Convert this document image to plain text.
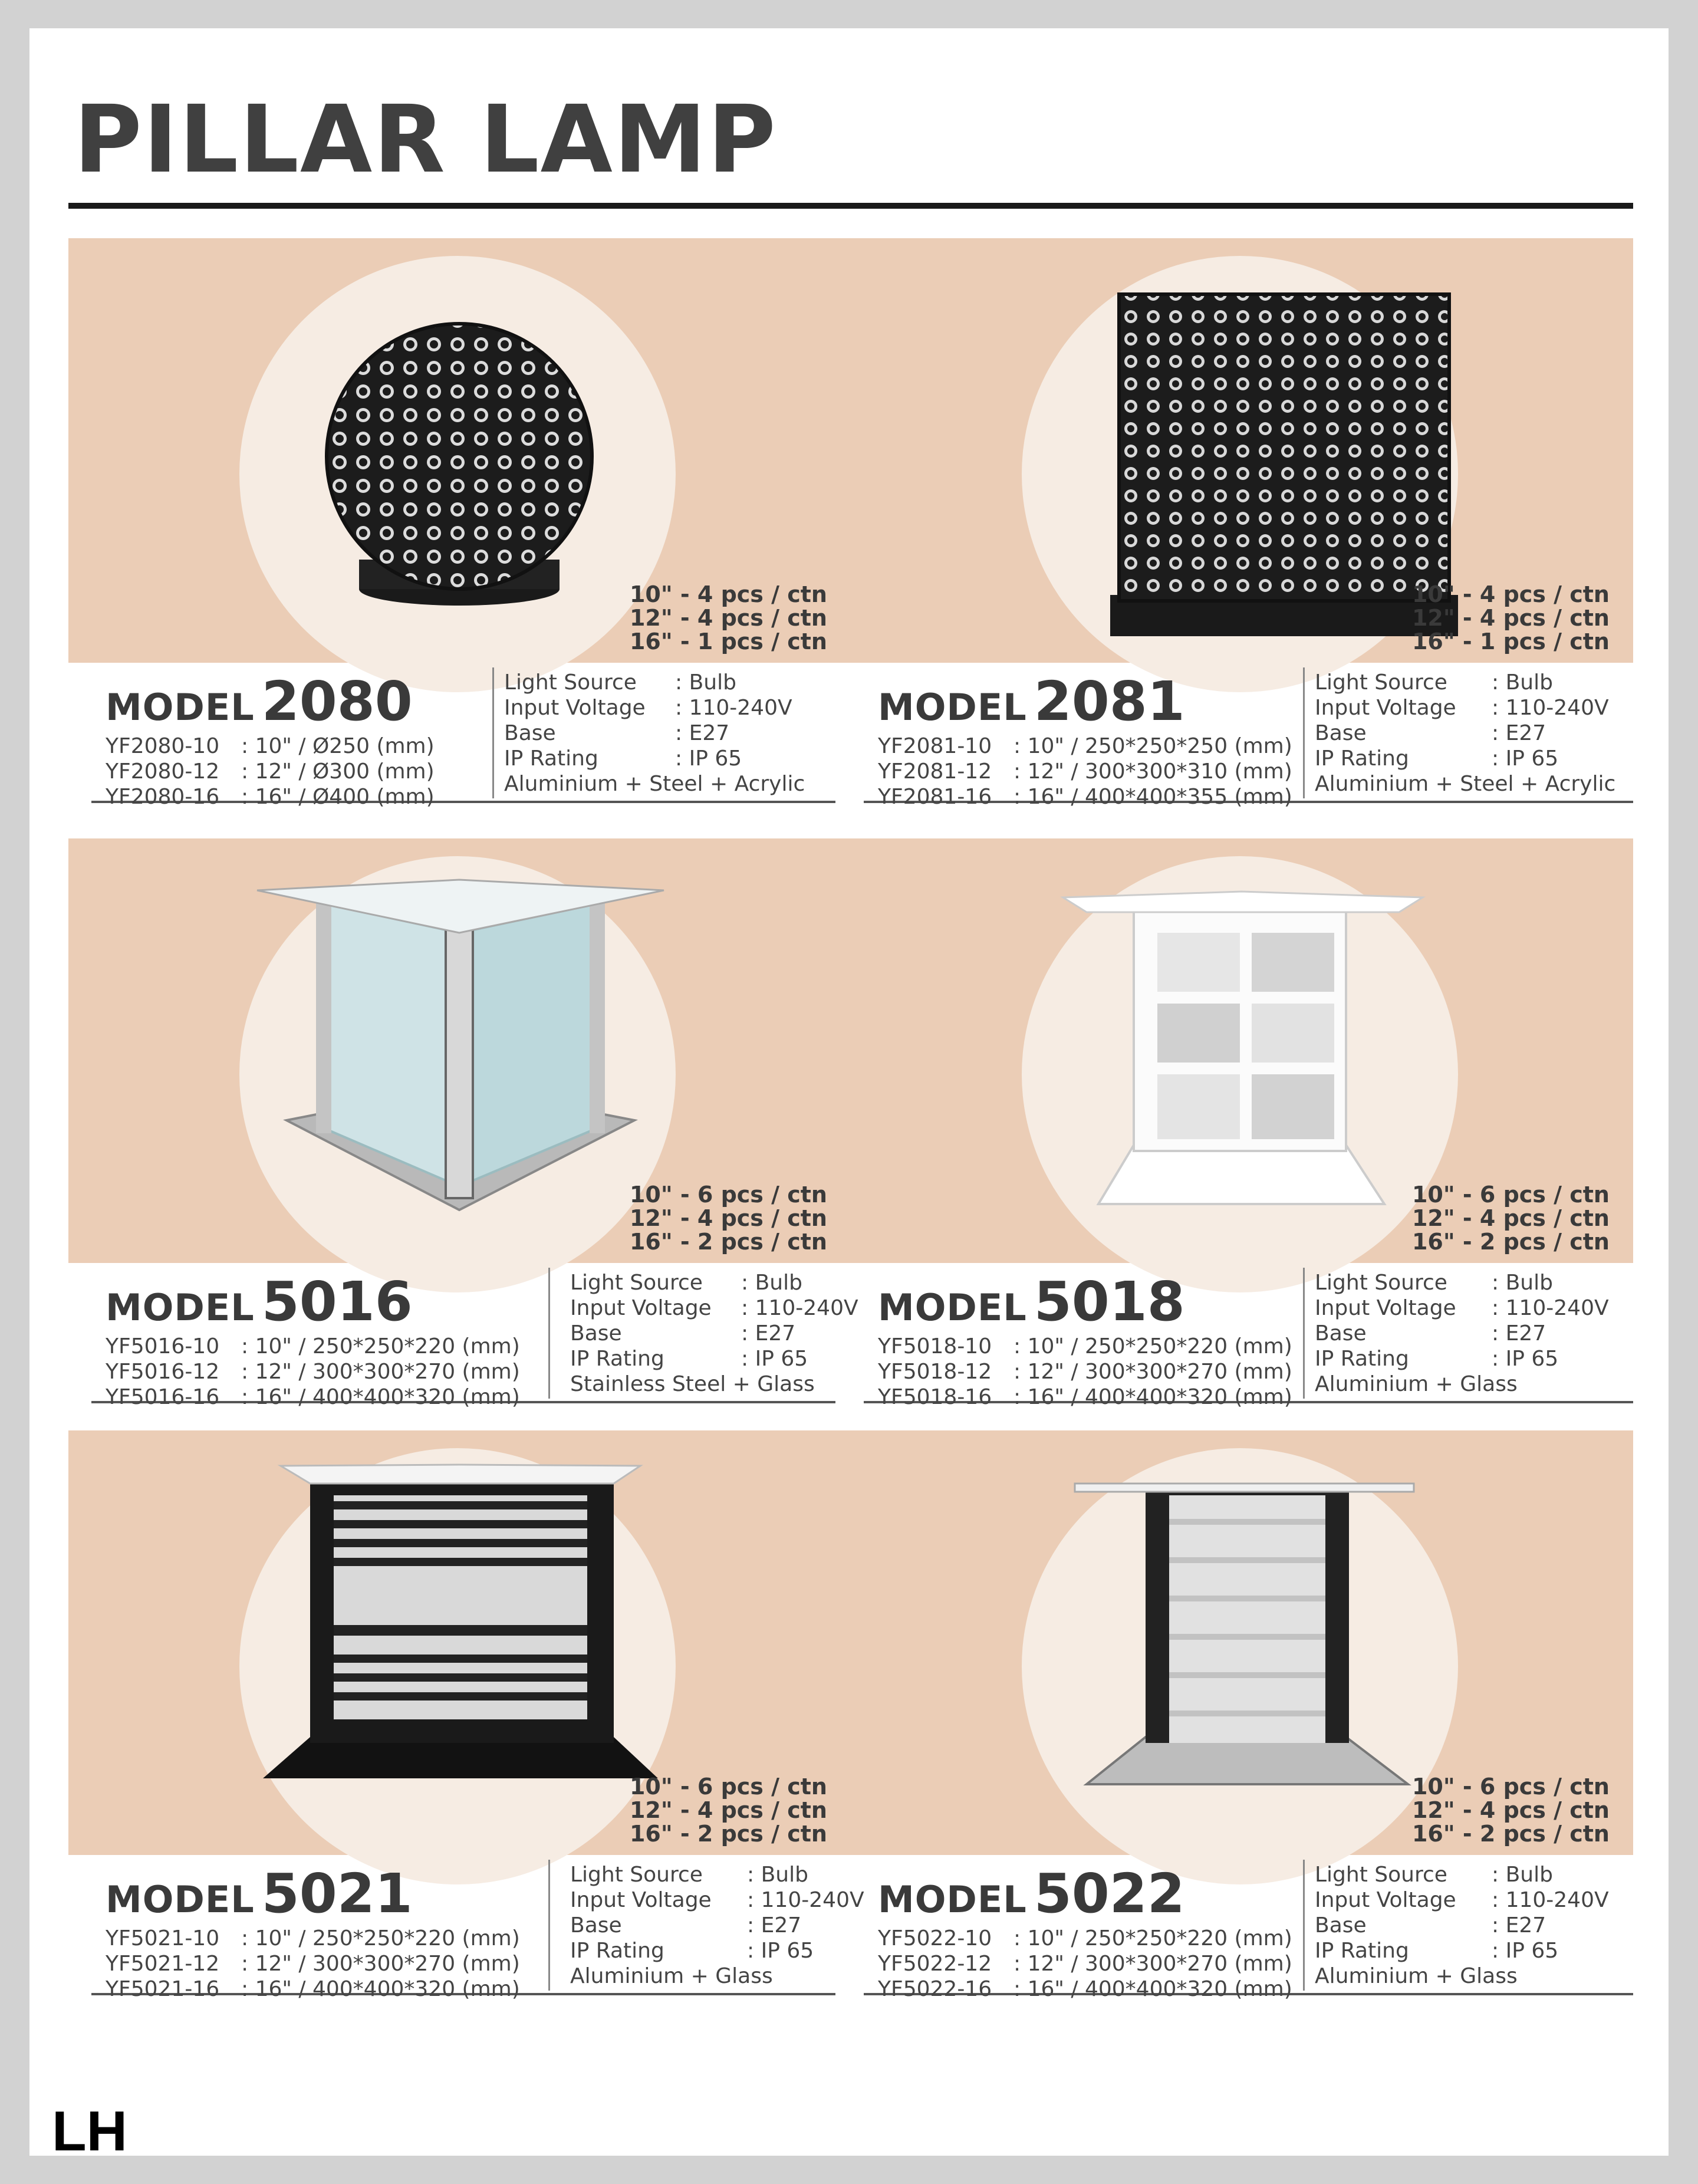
PILLAR LAMP
10" - 4 pcs / ctn
12" - 4 pcs / ctn
16" - 1 pcs / ctn
10" - 4 pcs / ctn
12" - 4 pcs / ctn
16" - 1 pcs / ctn
MODEL 2080
YF2080-10 : 10" / Ø250 (mm)
YF2080-12 : 12" / Ø300 (mm)
YF2080-16 : 16" / Ø400 (mm)
Light Source : Bulb
Input Voltage : 110-240V
Base	: E27
IP Rating	: IP 65
Aluminium + Steel + Acrylic
MODEL 2081
YF2081-10 : 10" / 250*250*250 (mm)
YF2081-12 : 12" / 300*300*310 (mm)
YF2081-16 : 16" / 400*400*355 (mm)
Light Source : Bulb
Input Voltage : 110-240V
Base	: E27
IP Rating	: IP 65
Aluminium + Steel + Acrylic
10" - 6 pcs / ctn
12" - 4 pcs / ctn
16" - 2 pcs / ctn
10" - 6 pcs / ctn
12" - 4 pcs / ctn
16" - 2 pcs / ctn
MODEL 5016
YF5016-10 : 10" / 250*250*220 (mm)
YF5016-12 : 12" / 300*300*270 (mm)
YF5016-16 : 16" / 400*400*320 (mm)
Light Source : Bulb
Input Voltage : 110-240V
Base	: E27
IP Rating	: IP 65
Stainless Steel + Glass
MODEL 5018
YF5018-10 : 10" / 250*250*220 (mm)
YF5018-12 : 12" / 300*300*270 (mm)
YF5018-16 : 16" / 400*400*320 (mm)
Light Source : Bulb
Input Voltage : 110-240V
Base	: E27
IP Rating	: IP 65
Aluminium + Glass
10" - 6 pcs / ctn
12" - 4 pcs / ctn
16" - 2 pcs / ctn
10" - 6 pcs / ctn
12" - 4 pcs / ctn
16" - 2 pcs / ctn
MODEL 5021
YF5021-10 : 10" / 250*250*220 (mm)
YF5021-12 : 12" / 300*300*270 (mm)
YF5021-16 : 16" / 400*400*320 (mm)
Light Source : Bulb
Input Voltage : 110-240V
Base	: E27
IP Rating	: IP 65
Aluminium + Glass
MODEL 5022
YF5022-10 : 10" / 250*250*220 (mm)
YF5022-12 : 12" / 300*300*270 (mm)
YF5022-16 : 16" / 400*400*320 (mm)
Light Source : Bulb
Input Voltage : 110-240V
Base	: E27
IP Rating	: IP 65
Aluminium + Glass
LH
